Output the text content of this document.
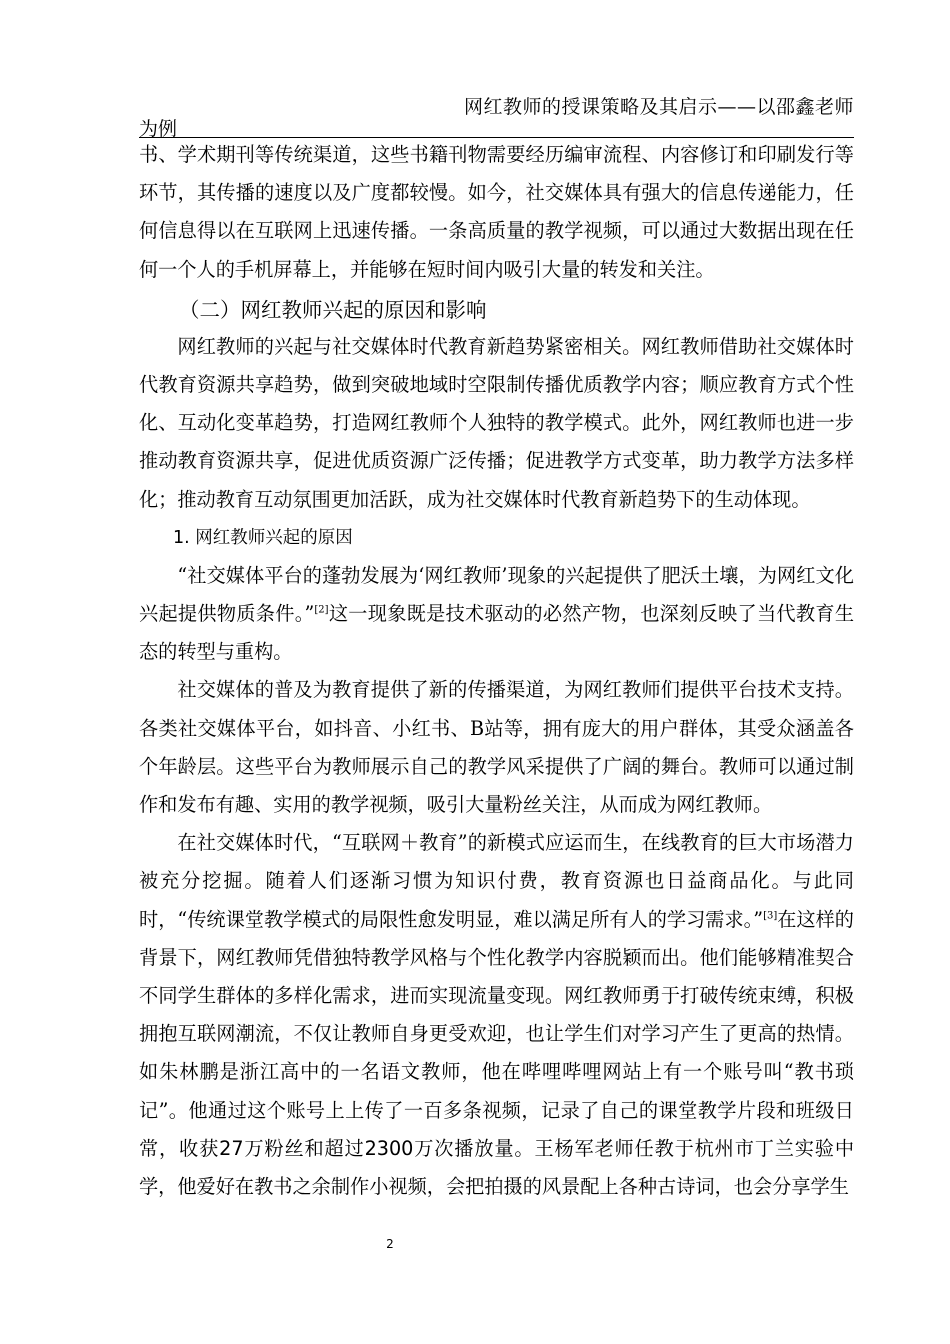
网红教师的授课策略及其启示——以邵鑫老师
为例

书、学术期刊等传统渠道，这些书籍刊物需要经历编审流程、内容修订和印刷发行等环节，其传播的速度以及广度都较慢。如今，社交媒体具有强大的信息传递能力，任何信息得以在互联网上迅速传播。一条高质量的教学视频，可以通过大数据出现在任何一个人的手机屏幕上，并能够在短时间内吸引大量的转发和关注。

（二）网红教师兴起的原因和影响

网红教师的兴起与社交媒体时代教育新趋势紧密相关。网红教师借助社交媒体时代教育资源共享趋势，做到突破地域时空限制传播优质教学内容；顺应教育方式个性化、互动化变革趋势，打造网红教师个人独特的教学模式。此外，网红教师也进一步推动教育资源共享，促进优质资源广泛传播；促进教学方式变革，助力教学方法多样化；推动教育互动氛围更加活跃，成为社交媒体时代教育新趋势下的生动体现。

1. 网红教师兴起的原因

“社交媒体平台的蓬勃发展为‘网红教师’现象的兴起提供了肥沃土壤，为网红文化兴起提供物质条件。”[2]这一现象既是技术驱动的必然产物，也深刻反映了当代教育生态的转型与重构。

社交媒体的普及为教育提供了新的传播渠道，为网红教师们提供平台技术支持。各类社交媒体平台，如抖音、小红书、B站等，拥有庞大的用户群体，其受众涵盖各个年龄层。这些平台为教师展示自己的教学风采提供了广阔的舞台。教师可以通过制作和发布有趣、实用的教学视频，吸引大量粉丝关注，从而成为网红教师。

在社交媒体时代，“互联网＋教育”的新模式应运而生，在线教育的巨大市场潜力被充分挖掘。随着人们逐渐习惯为知识付费，教育资源也日益商品化。与此同时，“传统课堂教学模式的局限性愈发明显，难以满足所有人的学习需求。”[3]在这样的背景下，网红教师凭借独特教学风格与个性化教学内容脱颖而出。他们能够精准契合不同学生群体的多样化需求，进而实现流量变现。网红教师勇于打破传统束缚，积极拥抱互联网潮流，不仅让教师自身更受欢迎，也让学生们对学习产生了更高的热情。如朱林鹏是浙江高中的一名语文教师，他在哔哩哔哩网站上有一个账号叫“教书琐记”。他通过这个账号上上传了一百多条视频，记录了自己的课堂教学片段和班级日常，收获27万粉丝和超过2300万次播放量。王杨军老师任教于杭州市丁兰实验中学，他爱好在教书之余制作小视频，会把拍摄的风景配上各种古诗词，也会分享学生

2
